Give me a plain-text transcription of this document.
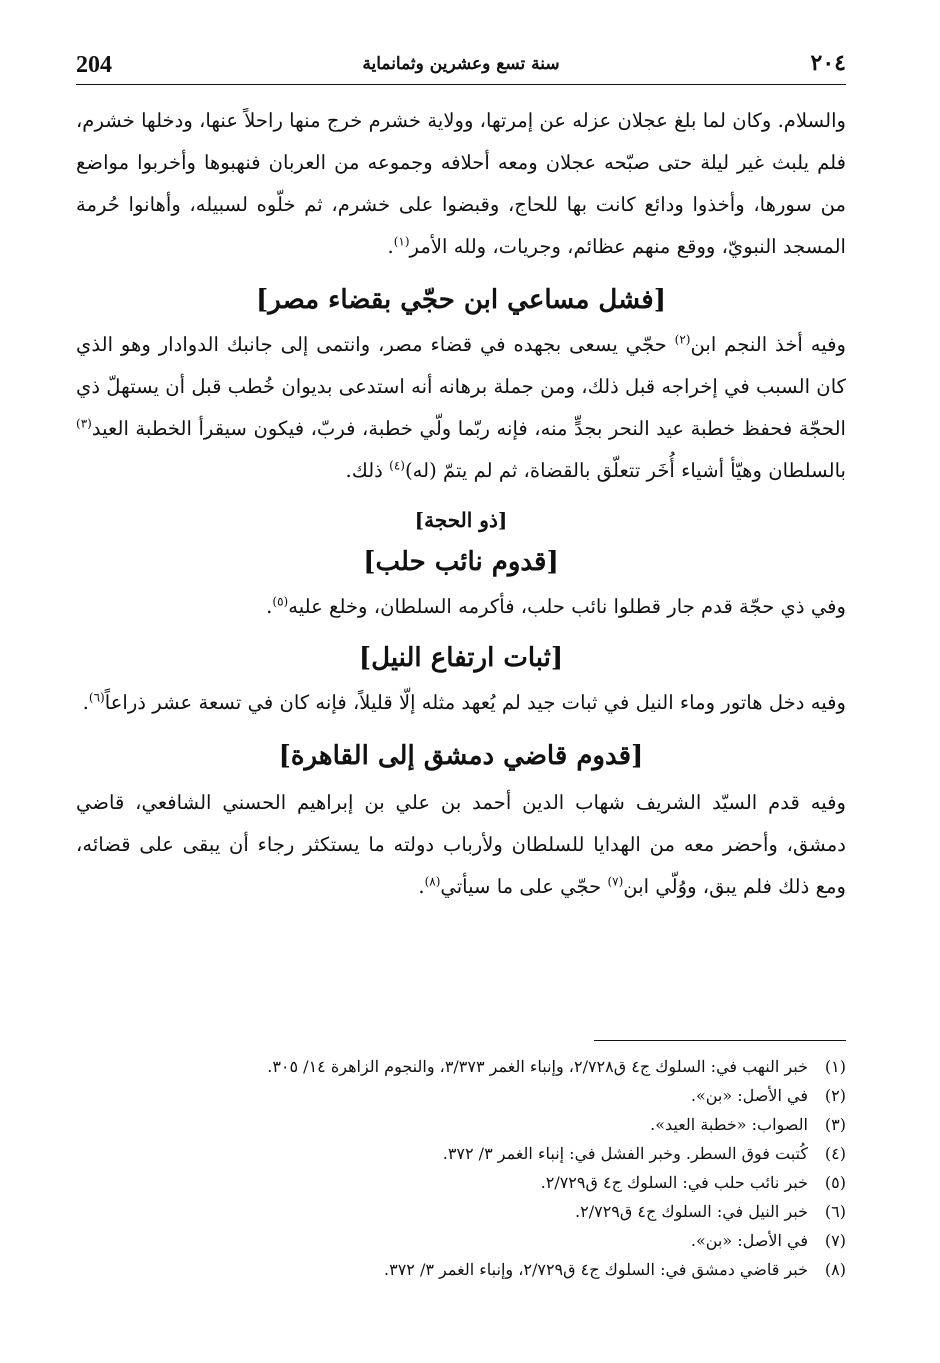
204	سنة تسع وعشرين وثمانماية	٢٠٤

والسلام. وكان لما بلغ عجلان عزله عن إمرتها، وولاية خشرم خرج منها راحلاً عنها، ودخلها خشرم، فلم يلبث غير ليلة حتى صبّحه عجلان ومعه أحلافه وجموعه من العربان فنهبوها وأخربوا مواضع من سورها، وأخذوا ودائع كانت بها للحاج، وقبضوا على خشرم، ثم خلّوه لسبيله، وأهانوا حُرمة المسجد النبويّ، ووقع منهم عظائم، وجريات، ولله الأمر$^{(١)}$.

[فشل مساعي ابن حجّي بقضاء مصر]

وفيه أخذ النجم ابن$^{(٢)}$ حجّي يسعى بجهده في قضاء مصر، وانتمى إلى جانبك الدوادار وهو الذي كان السبب في إخراجه قبل ذلك، ومن جملة برهانه أنه استدعى بديوان خُطب قبل أن يستهلّ ذي الحجّة فحفظ خطبة عيد النحر بجدٍّ منه، فإنه ربّما ولّي خطبة، فربّ، فيكون سيقرأ الخطبة العيد$^{(٣)}$ بالسلطان وهيّأ أشياء أُخَر تتعلّق بالقضاة، ثم لم يتمّ (له)$^{(٤)}$ ذلك.

[ذو الحجة]
[قدوم نائب حلب]

وفي ذي حجّة قدم جار قطلوا نائب حلب، فأكرمه السلطان، وخلع عليه$^{(٥)}$.

[ثبات ارتفاع النيل]

وفيه دخل هاتور وماء النيل في ثبات جيد لم يُعهد مثله إلّا قليلاً، فإنه كان في تسعة عشر ذراعاً$^{(٦)}$.

[قدوم قاضي دمشق إلى القاهرة]

وفيه قدم السيّد الشريف شهاب الدين أحمد بن علي بن إبراهيم الحسني الشافعي، قاضي دمشق، وأحضر معه من الهدايا للسلطان ولأرباب دولته ما يستكثر رجاء أن يبقى على قضائه، ومع ذلك فلم يبق، ووُلّي ابن$^{(٧)}$ حجّي على ما سيأتي$^{(٨)}$.

(١)خبر النهب في: السلوك ج٤ ق٢/٧٢٨، وإنباء الغمر ٣/٣٧٣، والنجوم الزاهرة ١٤/ ٣٠٥.

(٢)في الأصل: «بن».

(٣)الصواب: «خطبة العيد».

(٤)كُتبت فوق السطر. وخبر الفشل في: إنباء الغمر ٣/ ٣٧٢.

(٥)خبر نائب حلب في: السلوك ج٤ ق٢/٧٢٩.

(٦)خبر النيل في: السلوك ج٤ ق٢/٧٢٩.

(٧)في الأصل: «بن».

(٨)خبر قاضي دمشق في: السلوك ج٤ ق٢/٧٢٩، وإنباء الغمر ٣/ ٣٧٢.
